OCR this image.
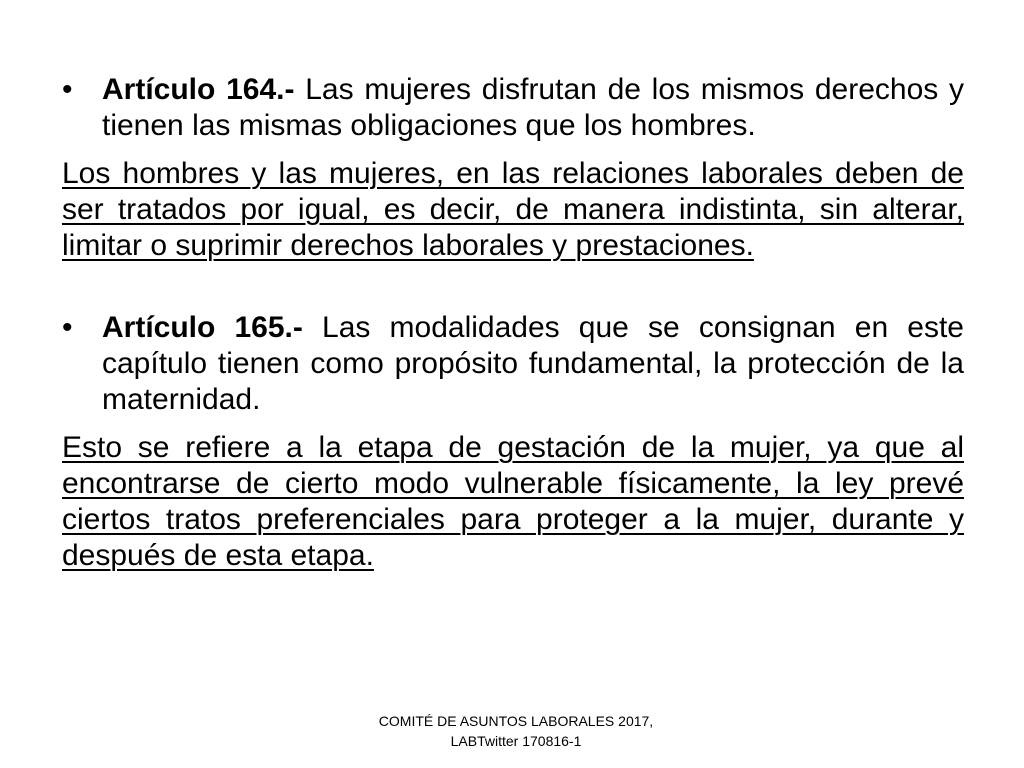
• Artículo 164.- Las mujeres disfrutan de los mismos derechos y tienen las mismas obligaciones que los hombres.
Los hombres y las mujeres, en las relaciones laborales deben de ser tratados por igual, es decir, de manera indistinta, sin alterar, limitar o suprimir derechos laborales y prestaciones.
• Artículo 165.- Las modalidades que se consignan en este capítulo tienen como propósito fundamental, la protección de la maternidad.
Esto se refiere a la etapa de gestación de la mujer, ya que al encontrarse de cierto modo vulnerable físicamente, la ley prevé ciertos tratos preferenciales para proteger a la mujer, durante y después de esta etapa.
COMITÉ DE ASUNTOS LABORALES 2017,
LABTwitter 170816-1
